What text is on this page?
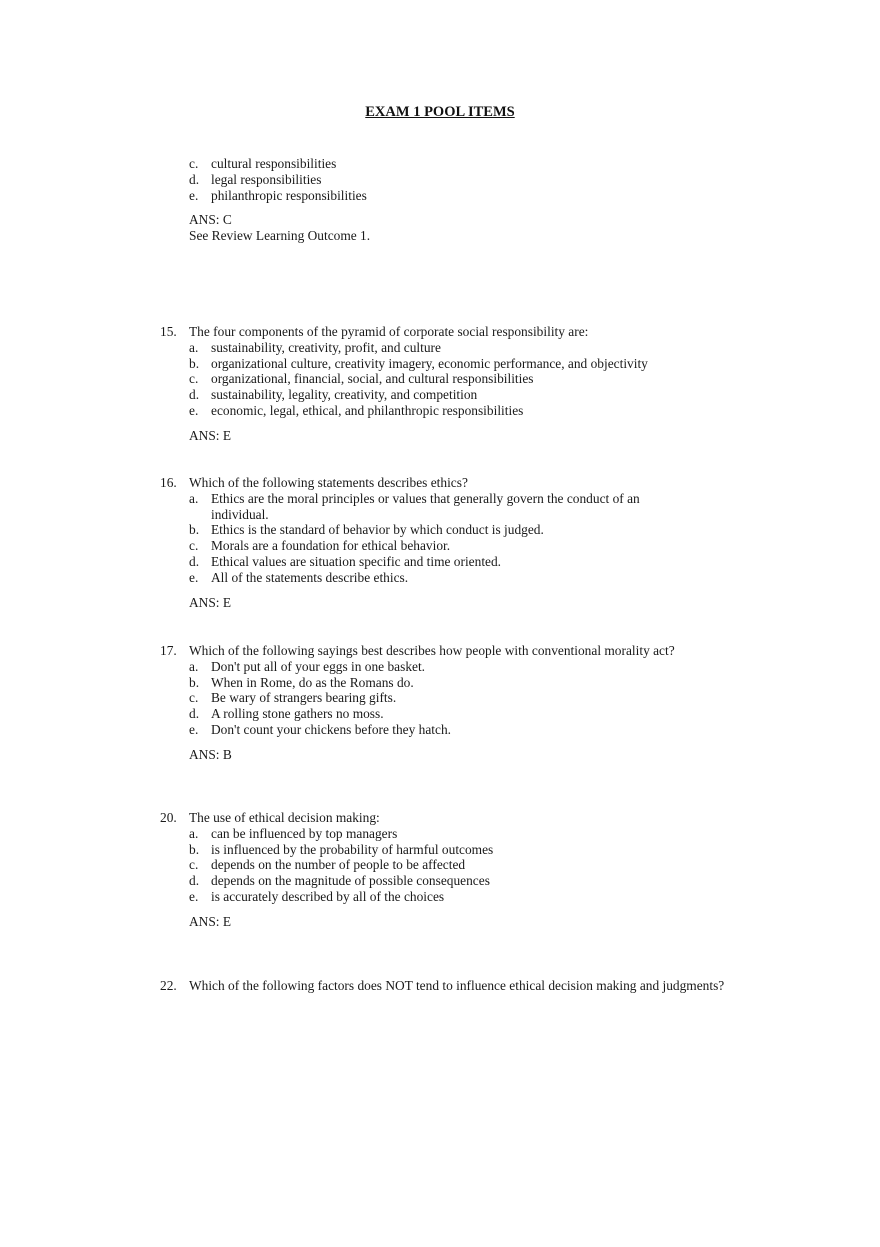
EXAM 1 POOL ITEMS
c. cultural responsibilities
d. legal responsibilities
e. philanthropic responsibilities
ANS: C
See Review Learning Outcome 1.
15. The four components of the pyramid of corporate social responsibility are:
a. sustainability, creativity, profit, and culture
b. organizational culture, creativity imagery, economic performance, and objectivity
c. organizational, financial, social, and cultural responsibilities
d. sustainability, legality, creativity, and competition
e. economic, legal, ethical, and philanthropic responsibilities
ANS: E
16. Which of the following statements describes ethics?
a. Ethics are the moral principles or values that generally govern the conduct of an individual.
b. Ethics is the standard of behavior by which conduct is judged.
c. Morals are a foundation for ethical behavior.
d. Ethical values are situation specific and time oriented.
e. All of the statements describe ethics.
ANS: E
17. Which of the following sayings best describes how people with conventional morality act?
a. Don't put all of your eggs in one basket.
b. When in Rome, do as the Romans do.
c. Be wary of strangers bearing gifts.
d. A rolling stone gathers no moss.
e. Don't count your chickens before they hatch.
ANS: B
20. The use of ethical decision making:
a. can be influenced by top managers
b. is influenced by the probability of harmful outcomes
c. depends on the number of people to be affected
d. depends on the magnitude of possible consequences
e. is accurately described by all of the choices
ANS: E
22. Which of the following factors does NOT tend to influence ethical decision making and judgments?
